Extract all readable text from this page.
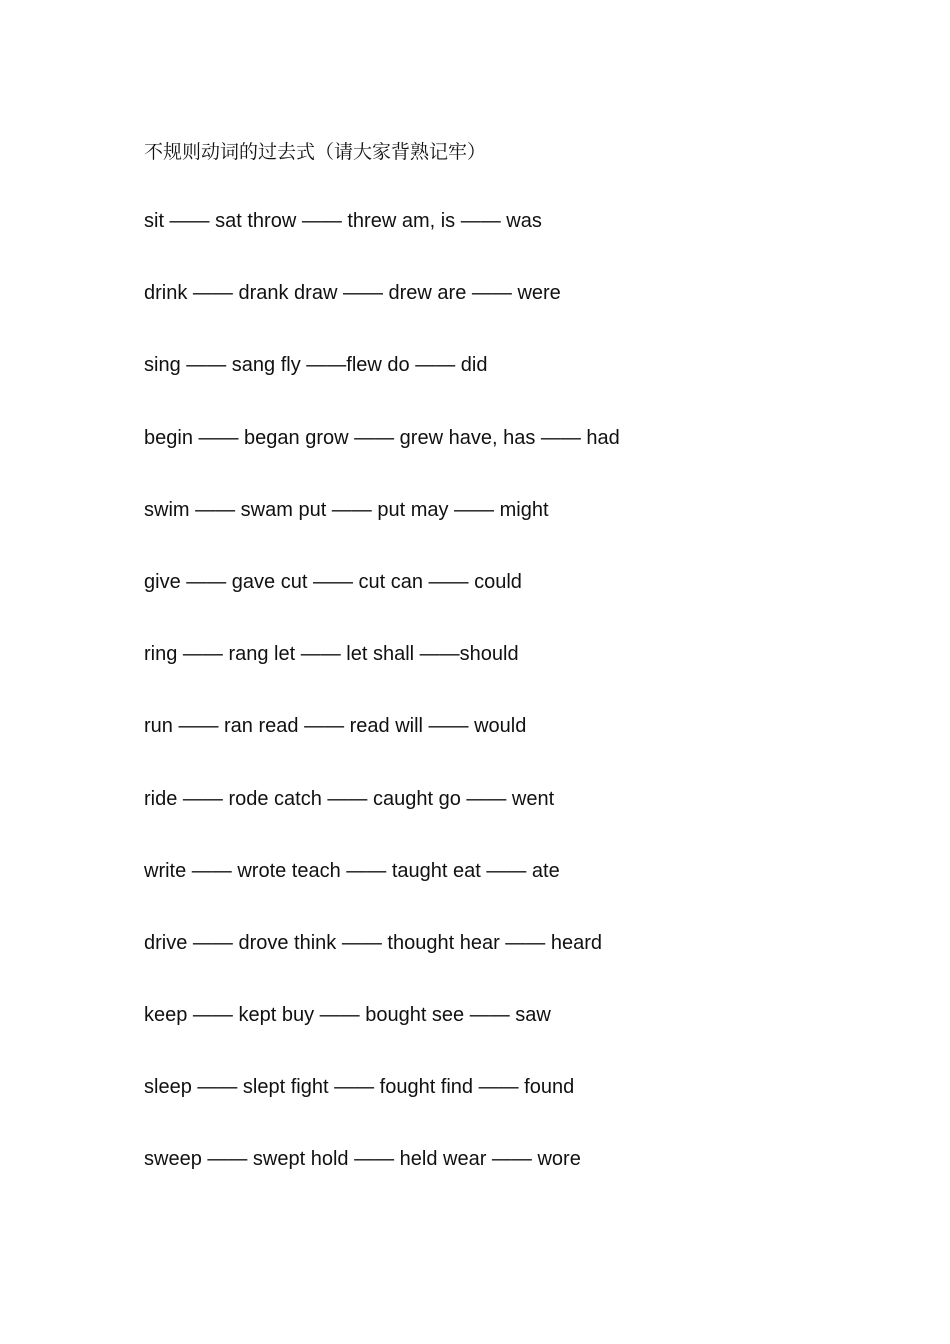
不规则动词的过去式（请大家背熟记牢）
sit —— sat throw —— threw am, is —— was
drink —— drank draw —— drew are —— were
sing —— sang fly ——flew do —— did
begin —— began grow —— grew have, has —— had
swim —— swam put —— put may —— might
give —— gave cut —— cut can —— could
ring —— rang let —— let shall ——should
run —— ran read —— read will —— would
ride —— rode catch —— caught go —— went
write —— wrote teach —— taught eat —— ate
drive —— drove think —— thought hear —— heard
keep —— kept buy —— bought see —— saw
sleep —— slept fight —— fought find —— found
sweep —— swept hold —— held wear —— wore
